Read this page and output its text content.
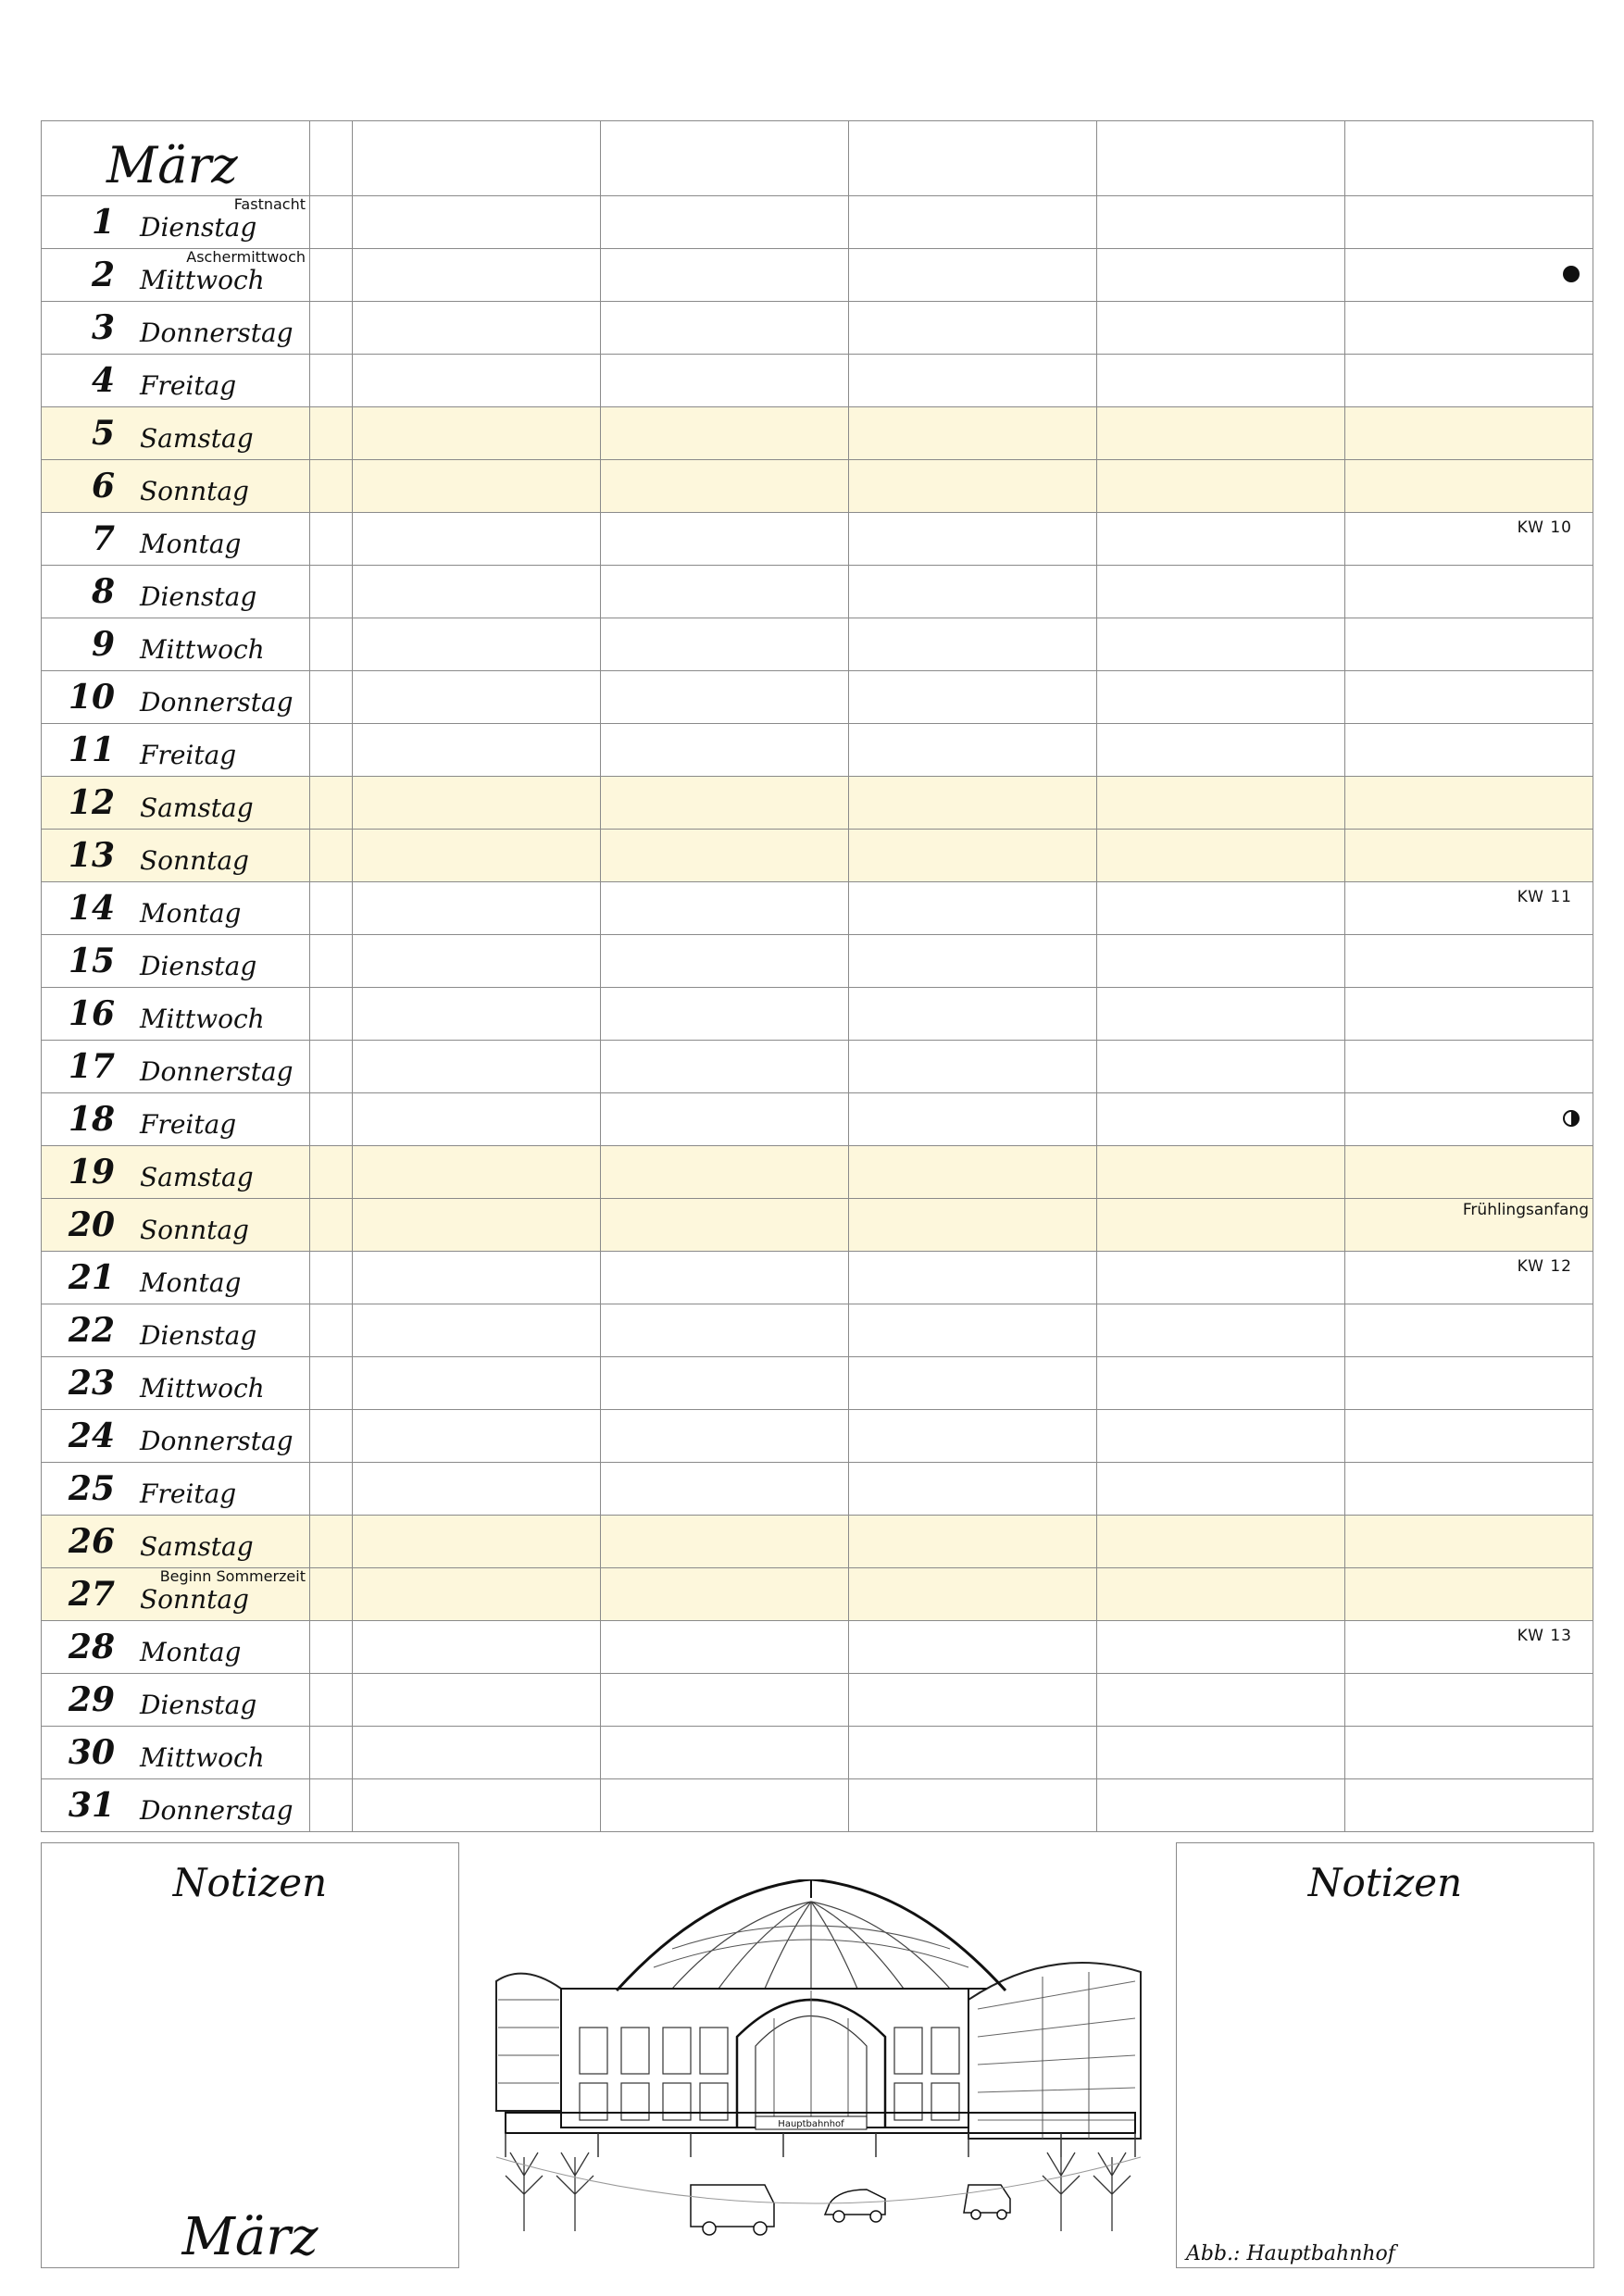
März						

1 Dienstag
Fastnacht						

2 Mittwoch
Aschermittwoch						

3 Donnerstag						

4 Freitag						

5 Samstag						

6 Sonntag						

7 Montag						KW 10

8 Dienstag						

9 Mittwoch						

10 Donnerstag						

11 Freitag						

12 Samstag						

13 Sonntag						

14 Montag						KW 11

15 Dienstag						

16 Mittwoch						

17 Donnerstag						

18 Freitag						

19 Samstag						

20 Sonntag						Frühlingsanfang

21 Montag						KW 12

22 Dienstag						

23 Mittwoch						

24 Donnerstag						

25 Freitag						

26 Samstag						

27 Sonntag
Beginn Sommerzeit						

28 Montag						KW 13

29 Dienstag						

30 Mittwoch						

31 Donnerstag						

Notizen
März
Hauptbahnhof
Notizen
Abb.: Hauptbahnhof
